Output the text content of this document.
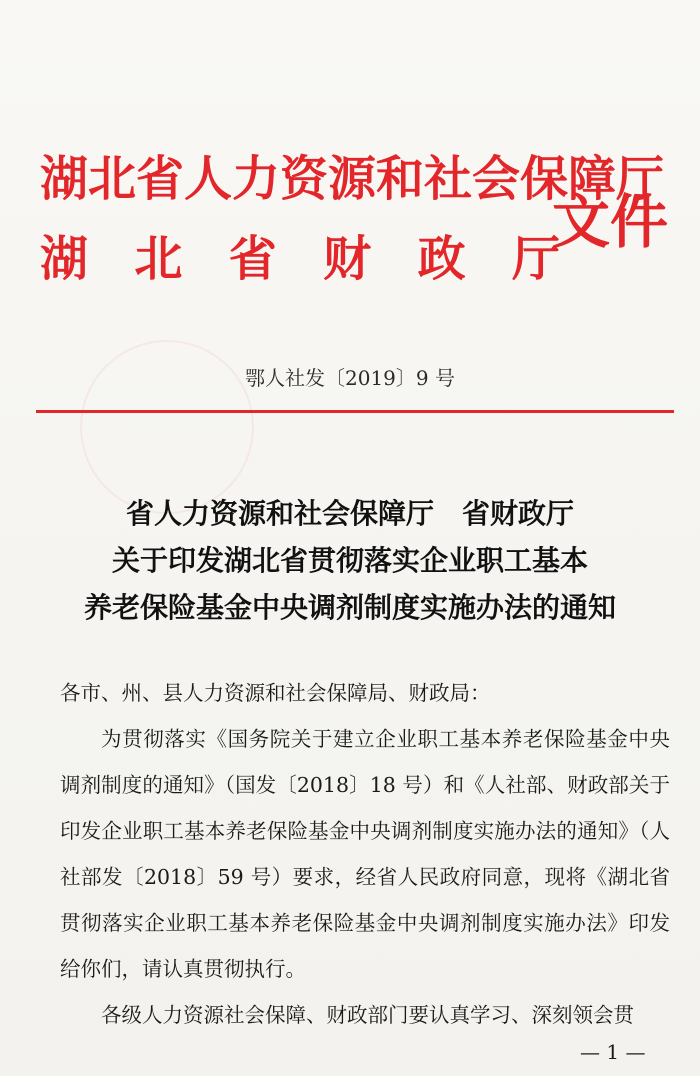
湖北省人力资源和社会保障厅
湖 北 省 财 政 厅
文件
鄂人社发〔2019〕9 号
省人力资源和社会保障厅　省财政厅
关于印发湖北省贯彻落实企业职工基本
养老保险基金中央调剂制度实施办法的通知

各市、州、县人力资源和社会保障局、财政局：

为贯彻落实《国务院关于建立企业职工基本养老保险基金中央调剂制度的通知》（国发〔2018〕18 号）和《人社部、财政部关于印发企业职工基本养老保险基金中央调剂制度实施办法的通知》（人社部发〔2018〕59 号）要求，经省人民政府同意，现将《湖北省贯彻落实企业职工基本养老保险基金中央调剂制度实施办法》印发给你们，请认真贯彻执行。

各级人力资源社会保障、财政部门要认真学习、深刻领会贯

— 1 —
